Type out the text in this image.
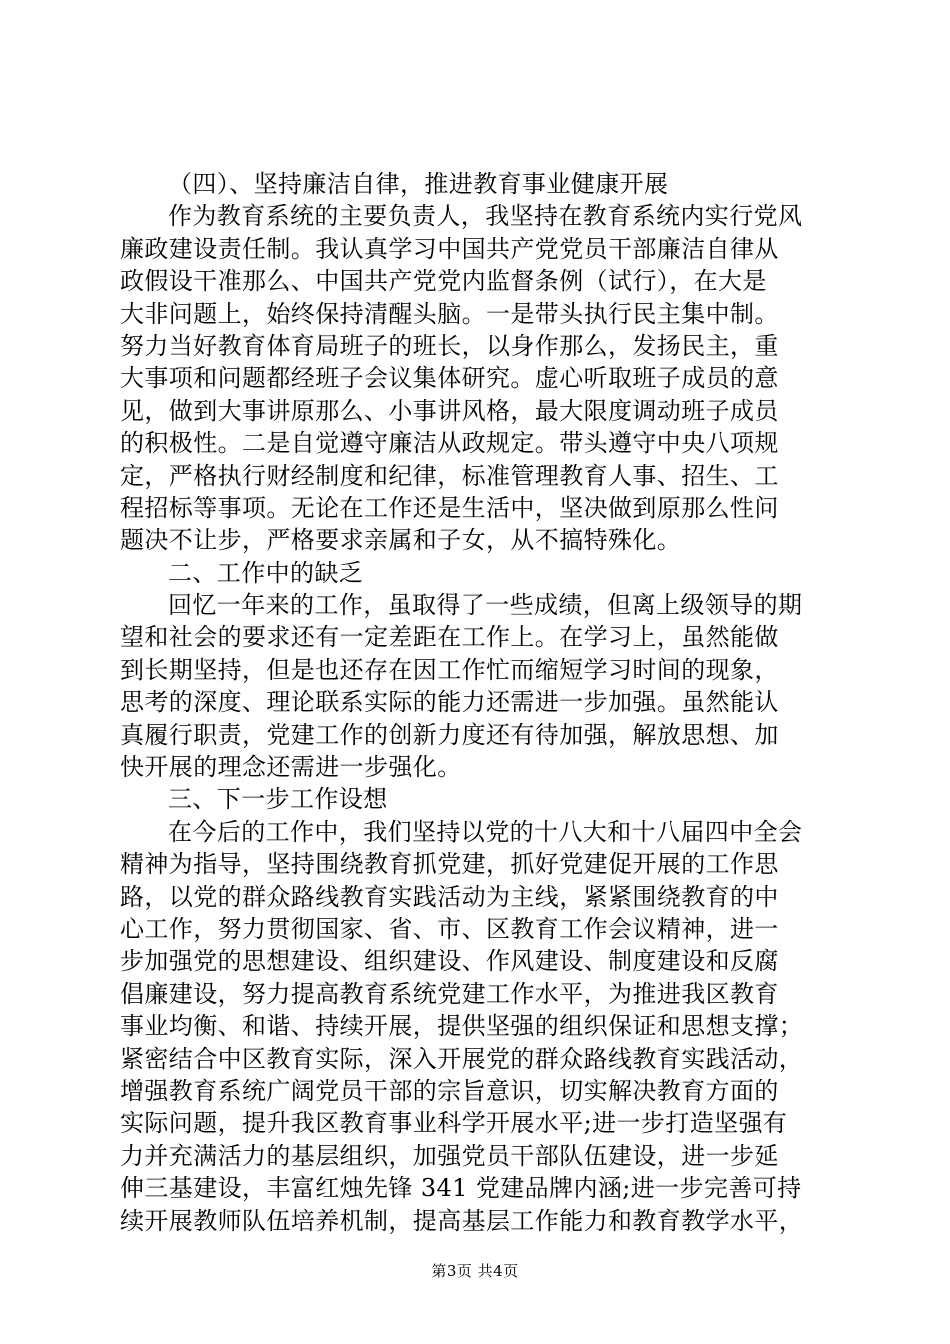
（四）、坚持廉洁自律，推进教育事业健康开展
作为教育系统的主要负责人，我坚持在教育系统内实行党风
廉政建设责任制。我认真学习中国共产党党员干部廉洁自律从
政假设干准那么、中国共产党党内监督条例（试行），在大是
大非问题上，始终保持清醒头脑。一是带头执行民主集中制。
努力当好教育体育局班子的班长，以身作那么，发扬民主，重
大事项和问题都经班子会议集体研究。虚心听取班子成员的意
见，做到大事讲原那么、小事讲风格，最大限度调动班子成员
的积极性。二是自觉遵守廉洁从政规定。带头遵守中央八项规
定，严格执行财经制度和纪律，标准管理教育人事、招生、工
程招标等事项。无论在工作还是生活中，坚决做到原那么性问
题决不让步，严格要求亲属和子女，从不搞特殊化。
二、工作中的缺乏
回忆一年来的工作，虽取得了一些成绩，但离上级领导的期
望和社会的要求还有一定差距在工作上。在学习上，虽然能做
到长期坚持，但是也还存在因工作忙而缩短学习时间的现象，
思考的深度、理论联系实际的能力还需进一步加强。虽然能认
真履行职责，党建工作的创新力度还有待加强，解放思想、加
快开展的理念还需进一步强化。
三、下一步工作设想
在今后的工作中，我们坚持以党的十八大和十八届四中全会
精神为指导，坚持围绕教育抓党建，抓好党建促开展的工作思
路，以党的群众路线教育实践活动为主线，紧紧围绕教育的中
心工作，努力贯彻国家、省、市、区教育工作会议精神，进一
步加强党的思想建设、组织建设、作风建设、制度建设和反腐
倡廉建设，努力提高教育系统党建工作水平，为推进我区教育
事业均衡、和谐、持续开展，提供坚强的组织保证和思想支撑；
紧密结合中区教育实际，深入开展党的群众路线教育实践活动，
增强教育系统广阔党员干部的宗旨意识，切实解决教育方面的
实际问题，提升我区教育事业科学开展水平;进一步打造坚强有
力并充满活力的基层组织，加强党员干部队伍建设，进一步延
伸三基建设，丰富红烛先锋 341 党建品牌内涵;进一步完善可持
续开展教师队伍培养机制，提高基层工作能力和教育教学水平，
第3页 共4页
